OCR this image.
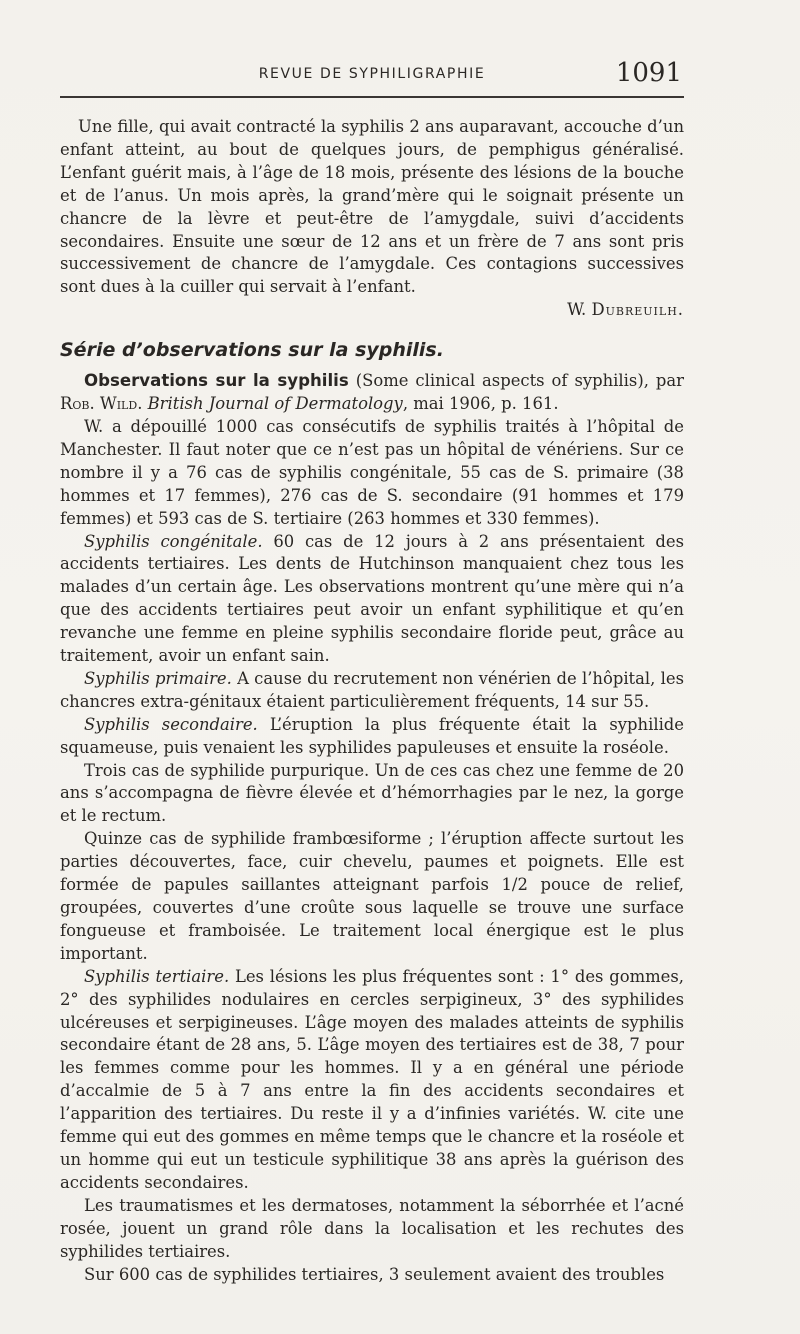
REVUE DE SYPHILIGRAPHIE	1091

Une fille, qui avait contracté la syphilis 2 ans auparavant, accouche d’un enfant atteint, au bout de quelques jours, de pemphigus généralisé. L’enfant guérit mais, à l’âge de 18 mois, présente des lésions de la bouche et de l’anus. Un mois après, la grand’mère qui le soignait présente un chancre de la lèvre et peut-être de l’amygdale, suivi d’accidents secondaires. Ensuite une sœur de 12 ans et un frère de 7 ans sont pris successivement de chancre de l’amygdale. Ces contagions successives sont dues à la cuiller qui servait à l’enfant.

W. Dubreuilh.
Série d’observations sur la syphilis.

Observations sur la syphilis (Some clinical aspects of syphilis), par Rob. Wild. British Journal of Dermatology, mai 1906, p. 161.

W. a dépouillé 1000 cas consécutifs de syphilis traités à l’hôpital de Manchester. Il faut noter que ce n’est pas un hôpital de vénériens. Sur ce nombre il y a 76 cas de syphilis congénitale, 55 cas de S. primaire (38 hommes et 17 femmes), 276 cas de S. secondaire (91 hommes et 179 femmes) et 593 cas de S. tertiaire (263 hommes et 330 femmes).

Syphilis congénitale. 60 cas de 12 jours à 2 ans présentaient des accidents tertiaires. Les dents de Hutchinson manquaient chez tous les malades d’un certain âge. Les observations montrent qu’une mère qui n’a que des accidents tertiaires peut avoir un enfant syphilitique et qu’en revanche une femme en pleine syphilis secondaire floride peut, grâce au traitement, avoir un enfant sain.

Syphilis primaire. A cause du recrutement non vénérien de l’hôpital, les chancres extra-génitaux étaient particulièrement fréquents, 14 sur 55.

Syphilis secondaire. L’éruption la plus fréquente était la syphilide squameuse, puis venaient les syphilides papuleuses et ensuite la roséole.

Trois cas de syphilide purpurique. Un de ces cas chez une femme de 20 ans s’accompagna de fièvre élevée et d’hémorrhagies par le nez, la gorge et le rectum.

Quinze cas de syphilide frambœsiforme ; l’éruption affecte surtout les parties découvertes, face, cuir chevelu, paumes et poignets. Elle est formée de papules saillantes atteignant parfois 1/2 pouce de relief, groupées, couvertes d’une croûte sous laquelle se trouve une surface fongueuse et framboisée. Le traitement local énergique est le plus important.

Syphilis tertiaire. Les lésions les plus fréquentes sont : 1° des gommes, 2° des syphilides nodulaires en cercles serpigineux, 3° des syphilides ulcéreuses et serpigineuses. L’âge moyen des malades atteints de syphilis secondaire étant de 28 ans, 5. L’âge moyen des tertiaires est de 38, 7 pour les femmes comme pour les hommes. Il y a en général une période d’accalmie de 5 à 7 ans entre la fin des accidents secondaires et l’apparition des tertiaires. Du reste il y a d’infinies variétés. W. cite une femme qui eut des gommes en même temps que le chancre et la roséole et un homme qui eut un testicule syphilitique 38 ans après la guérison des accidents secondaires.

Les traumatismes et les dermatoses, notamment la séborrhée et l’acné rosée, jouent un grand rôle dans la localisation et les rechutes des syphilides tertiaires.

Sur 600 cas de syphilides tertiaires, 3 seulement avaient des troubles
